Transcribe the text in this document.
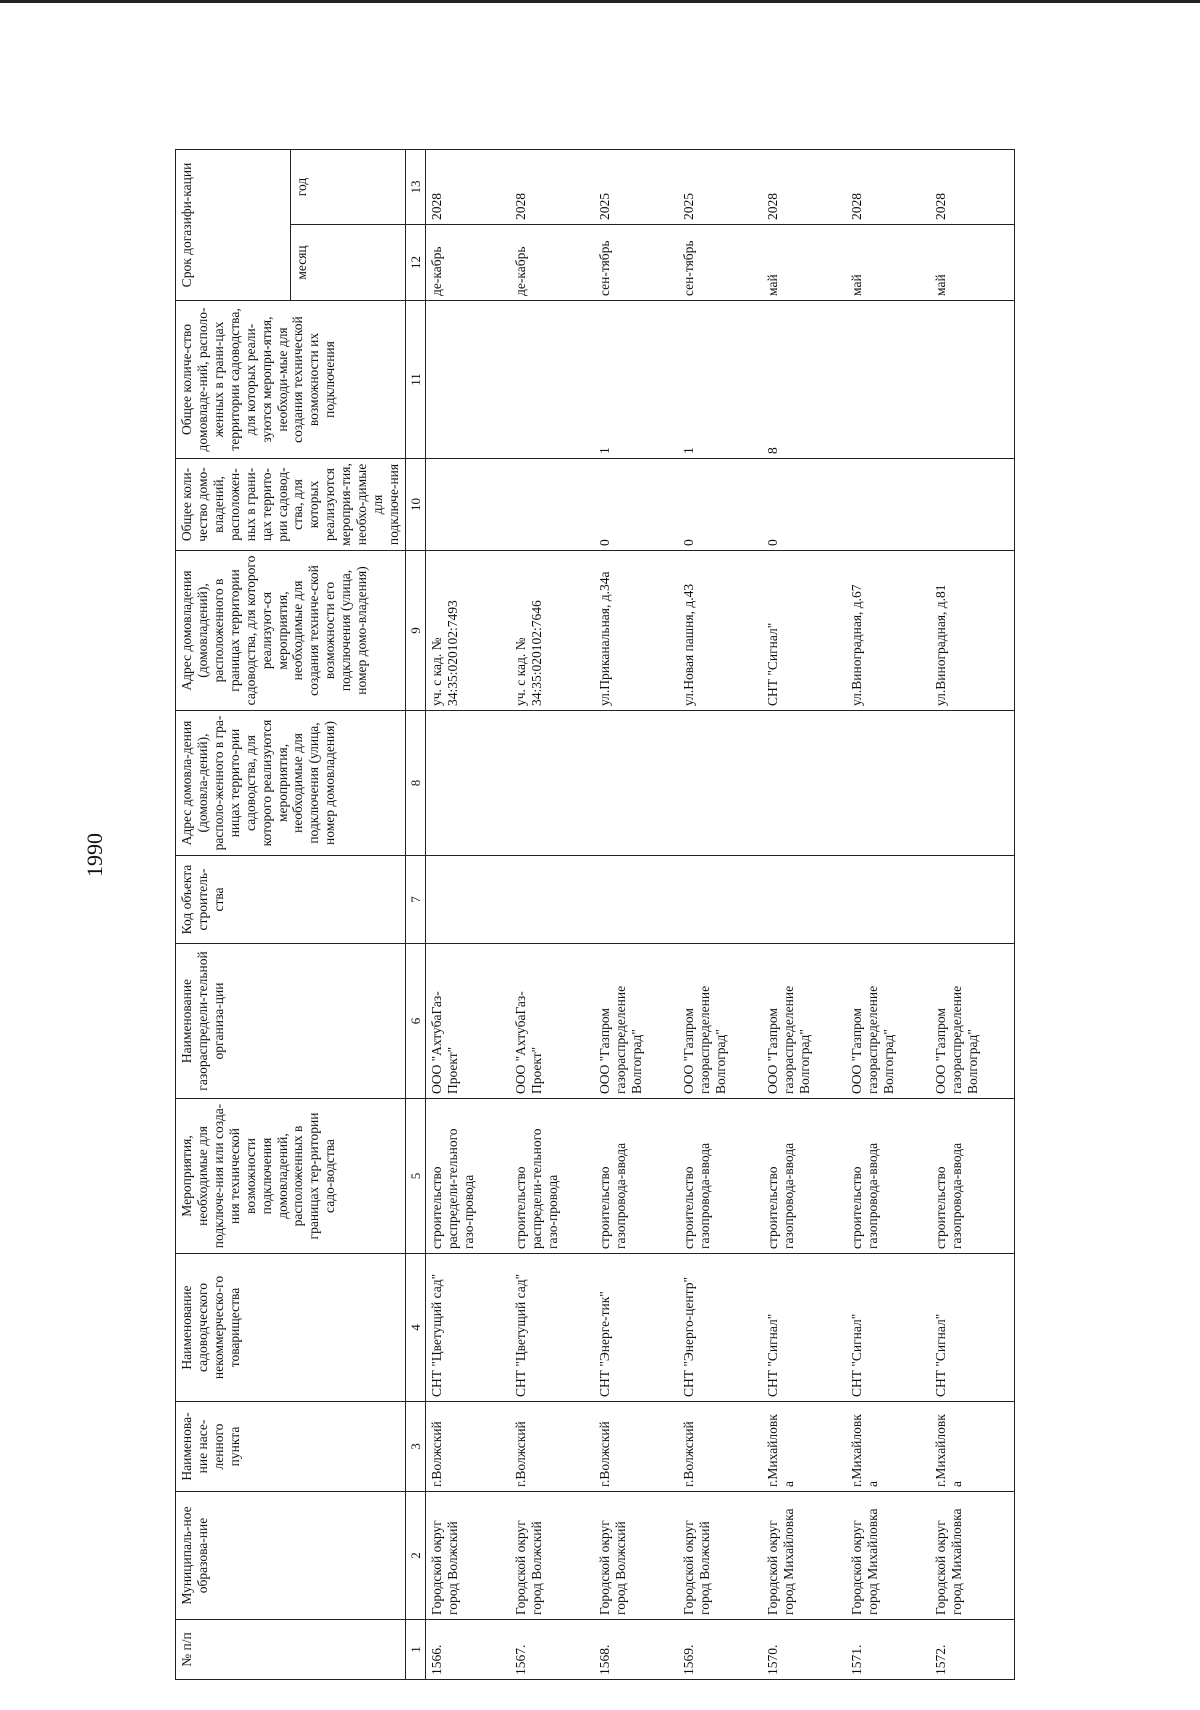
1990
№ п/п	Муниципаль-ное образова-ние	Наименова-ние насе-ленного пункта	Наименование садоводческого некоммерческо-го товарищества	Мероприятия, необходимые для подключе-ния или созда-ния технической возможности подключения домовладений, расположенных в границах тер-ритории садо-водства	Наименование газораспредели-тельной организа-ции	Код объекта строитель-ства	Адрес домовла-дения (домовла-дений), располо-женного в гра-ницах террито-рии садоводства, для которого реализуются мероприятия, необходимые для подключения (улица, номер домовладения)	Адрес домовладения (домовладений), расположенного в границах территории садоводства, для которого реализуют-ся мероприятия, необходимые для создания техниче-ской возможности его подключения (улица, номер домо-владения)	Общее коли-чество домо-владений, расположен-ных в грани-цах террито-рии садовод-ства, для которых реализуются мероприя-тия, необхо-димые для подключе-ния	Общее количе-ство домовладе-ний, располо-женных в грани-цах территории садоводства, для которых реали-зуются меропри-ятия, необходи-мые для создания технической возможности их подключения	Срок догазифи-кации	
											месяц	год
1	2	3	4	5	6	7	8	9	10	11	12	13
1566.	Городской округ город Волжский	г.Волжский	СНТ "Цветущий сад"	строительство распредели-тельного газо-провода	ООО "АхтубаГаз-Проект"			уч. с кад. № 34:35:020102:7493			де-кабрь	2028
1567.	Городской округ город Волжский	г.Волжский	СНТ "Цветущий сад"	строительство распредели-тельного газо-провода	ООО "АхтубаГаз-Проект"			уч. с кад. № 34:35:020102:7646			де-кабрь	2028
1568.	Городской округ город Волжский	г.Волжский	СНТ "Энерге-тик"	строительство газопровода-ввода	ООО "Газпром газораспределение Волгоград"			ул.Приканальная, д.34а	0	1	сен-тябрь	2025
1569.	Городской округ город Волжский	г.Волжский	СНТ "Энерго-центр"	строительство газопровода-ввода	ООО "Газпром газораспределение Волгоград"			ул.Новая пашня, д.43	0	1	сен-тябрь	2025
1570.	Городской округ город Михайловка	г.Михайловк а	СНТ "Сигнал"	строительство газопровода-ввода	ООО "Газпром газораспределение Волгоград"			СНТ "Сигнал"	0	8	май	2028
1571.	Городской округ город Михайловка	г.Михайловк а	СНТ "Сигнал"	строительство газопровода-ввода	ООО "Газпром газораспределение Волгоград"			ул.Виноградная, д.67			май	2028
1572.	Городской округ город Михайловка	г.Михайловк а	СНТ "Сигнал"	строительство газопровода-ввода	ООО "Газпром газораспределение Волгоград"			ул.Виноградная, д.81			май	2028
